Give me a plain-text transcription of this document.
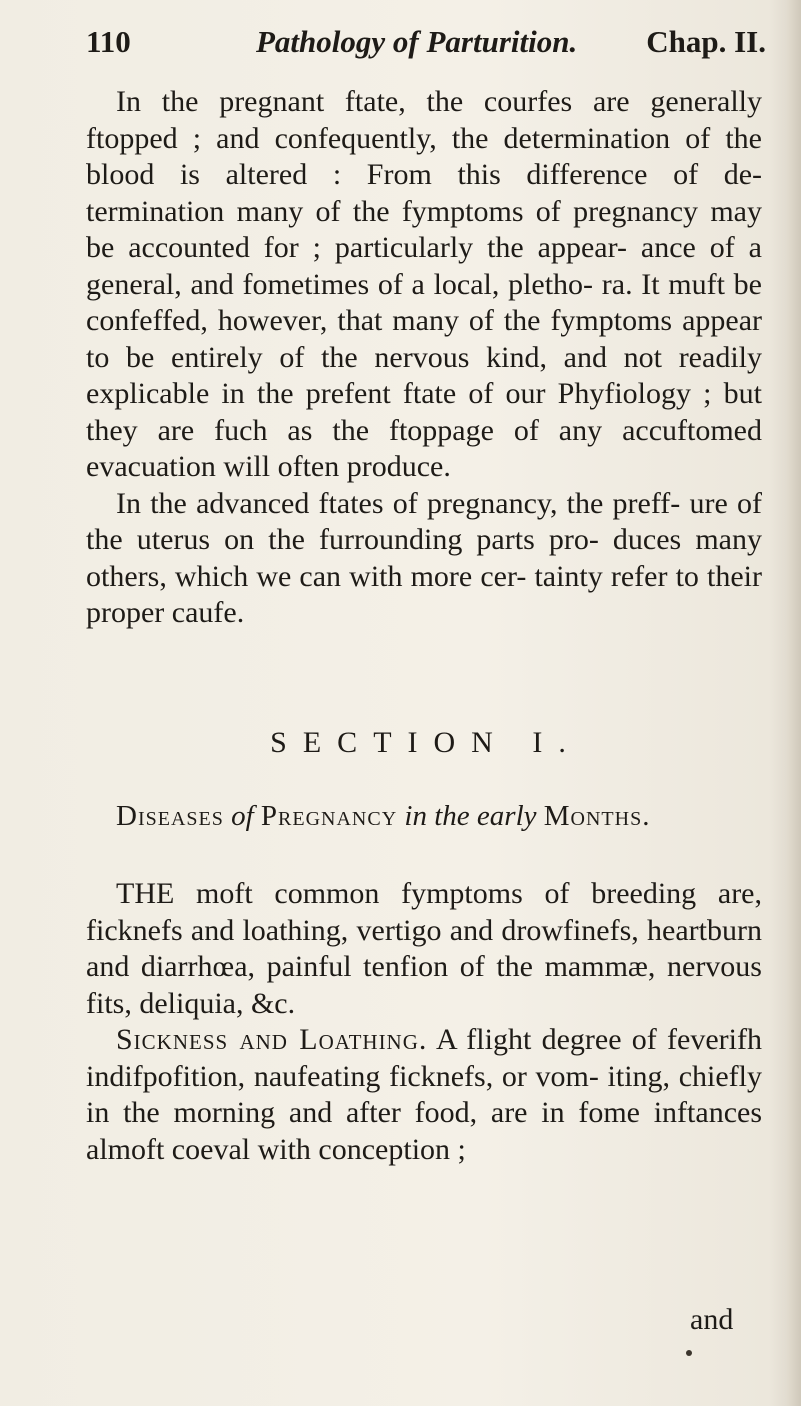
110	Pathology of Parturition. Chap. II.

In the pregnant ftate, the courfes are generally ftopped ; and confequently, the determination of the blood is altered : From this difference of de- termination many of the fymptoms of pregnancy may be accounted for ; particularly the appear- ance of a general, and fometimes of a local, pletho- ra. It muft be confeffed, however, that many of the fymptoms appear to be entirely of the nervous kind, and not readily explicable in the prefent ftate of our Phyfiology ; but they are fuch as the ftoppage of any accuftomed evacuation will often produce.

In the advanced ftates of pregnancy, the preff- ure of the uterus on the furrounding parts pro- duces many others, which we can with more cer- tainty refer to their proper caufe.

SECTION I.
Diseases of Pregnancy in the early Months.

THE moft common fymptoms of breeding are, ficknefs and loathing, vertigo and drowfinefs, heartburn and diarrhœa, painful tenfion of the mammæ, nervous fits, deliquia, &c.

Sickness and Loathing. A flight degree of feverifh indifpofition, naufeating ficknefs, or vom- iting, chiefly in the morning and after food, are in fome inftances almoft coeval with conception ;

and
